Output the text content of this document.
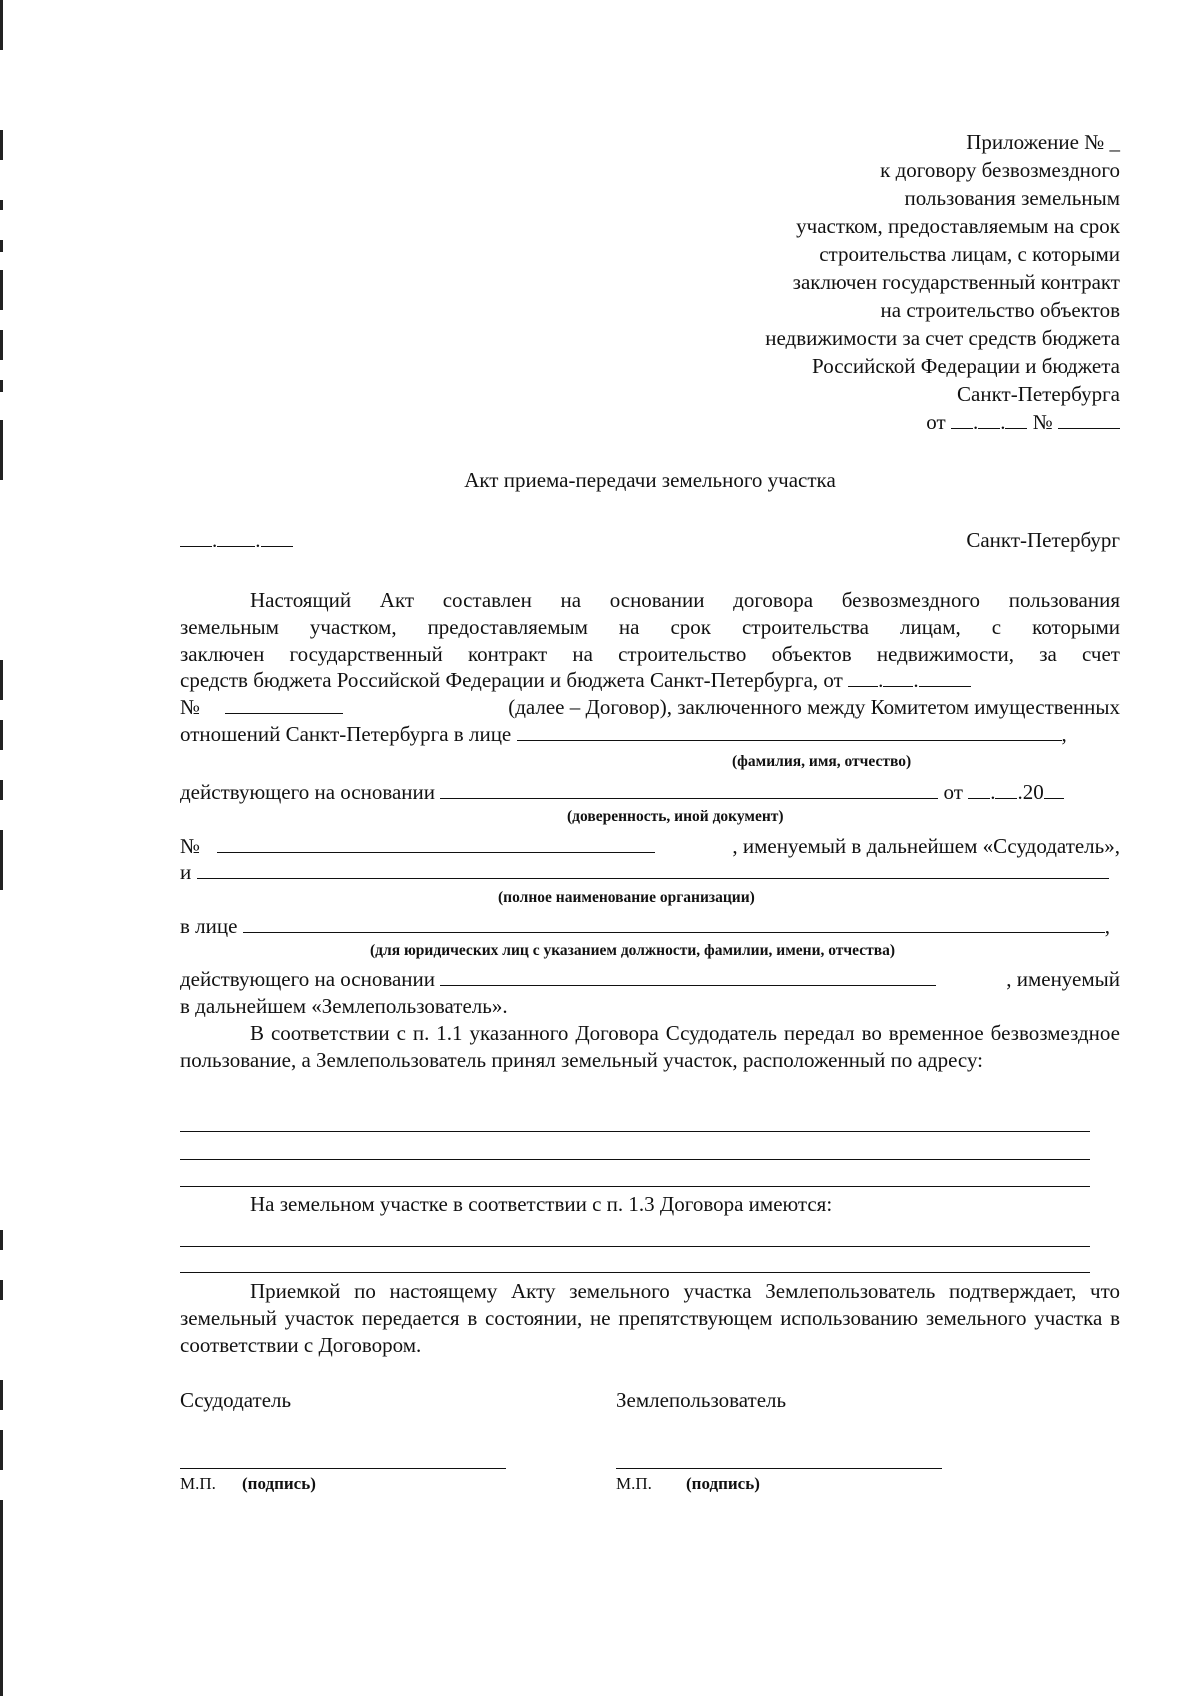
Приложение № _
к договору безвозмездного
пользования земельным
участком, предоставляемым на срок
строительства лицам, с которыми
заключен государственный контракт
на строительство объектов
недвижимости за счет средств бюджета
Российской Федерации и бюджета
Санкт-Петербурга
от . . №
Акт приема-передачи земельного участка
. .	Санкт-Петербург
Настоящий Акт составлен на основании договора безвозмездного пользования
земельным участком, предоставляемым на срок строительства лицам, с которыми
заключен государственный контракт на строительство объектов недвижимости, за счет
средств бюджета Российской Федерации и бюджета Санкт-Петербурга, от . .
№	(далее – Договор), заключенного между Комитетом имущественных
отношений Санкт-Петербурга в лице	,
(фамилия, имя, отчество)
действующего на основании	от . .20
(доверенность, иной документ)
№	, именуемый в дальнейшем «Ссудодатель»,
и
(полное наименование организации)
в лице	,
(для юридических лиц с указанием должности, фамилии, имени, отчества)
действующего на основании	, именуемый
в дальнейшем «Землепользователь».
В соответствии с п. 1.1 указанного Договора Ссудодатель передал во временное безвозмездное пользование, а Землепользователь принял земельный участок, расположенный по адресу:
На земельном участке в соответствии с п. 1.3 Договора имеются:
Приемкой по настоящему Акту земельного участка Землепользователь подтверждает, что земельный участок передается в состоянии, не препятствующем использованию земельного участка в соответствии с Договором.
Ссудодатель	Землепользователь
М.П. (подпись)	М.П. (подпись)
